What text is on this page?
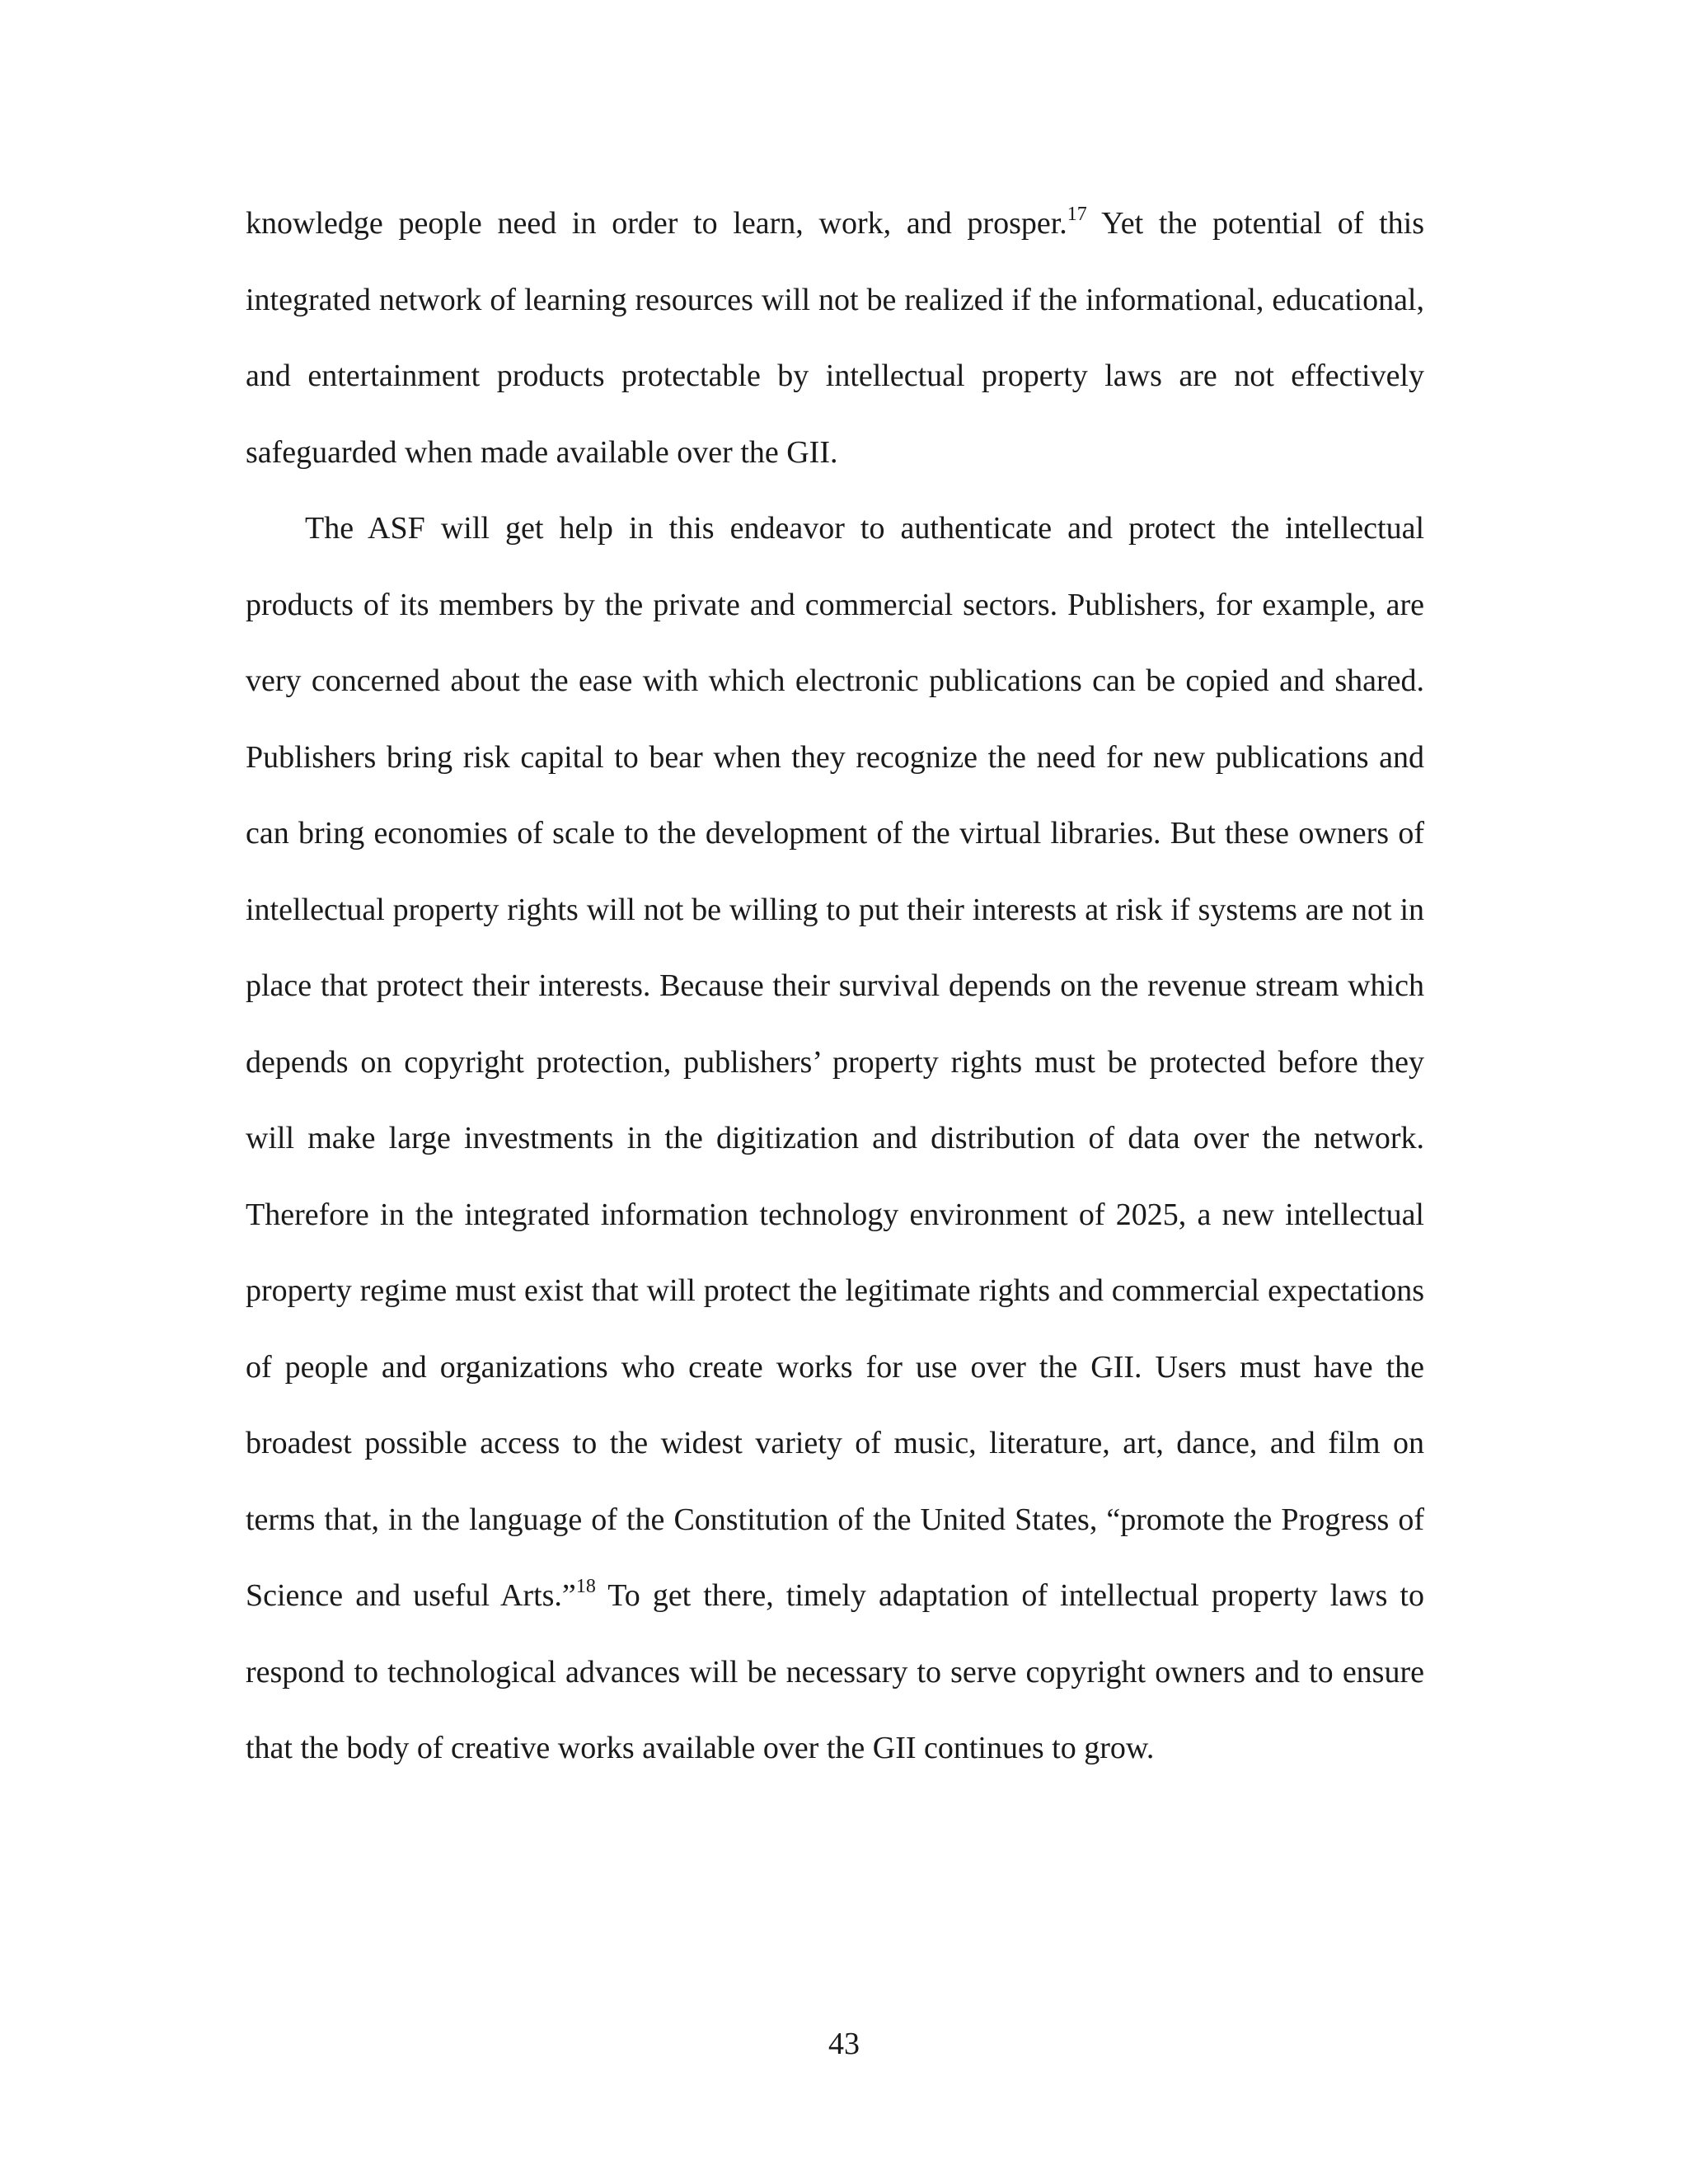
knowledge people need in order to learn, work, and prosper.$^{17}$ Yet the potential of this integrated network of learning resources will not be realized if the informational, educational, and entertainment products protectable by intellectual property laws are not effectively safeguarded when made available over the GII.

The ASF will get help in this endeavor to authenticate and protect the intellectual products of its members by the private and commercial sectors. Publishers, for example, are very concerned about the ease with which electronic publications can be copied and shared. Publishers bring risk capital to bear when they recognize the need for new publications and can bring economies of scale to the development of the virtual libraries. But these owners of intellectual property rights will not be willing to put their interests at risk if systems are not in place that protect their interests. Because their survival depends on the revenue stream which depends on copyright protection, publishers’ property rights must be protected before they will make large investments in the digitization and distribution of data over the network. Therefore in the integrated information technology environment of 2025, a new intellectual property regime must exist that will protect the legitimate rights and commercial expectations of people and organizations who create works for use over the GII. Users must have the broadest possible access to the widest variety of music, literature, art, dance, and film on terms that, in the language of the Constitution of the United States, “promote the Progress of Science and useful Arts.”$^{18}$ To get there, timely adaptation of intellectual property laws to respond to technological advances will be necessary to serve copyright owners and to ensure that the body of creative works available over the GII continues to grow.

43
